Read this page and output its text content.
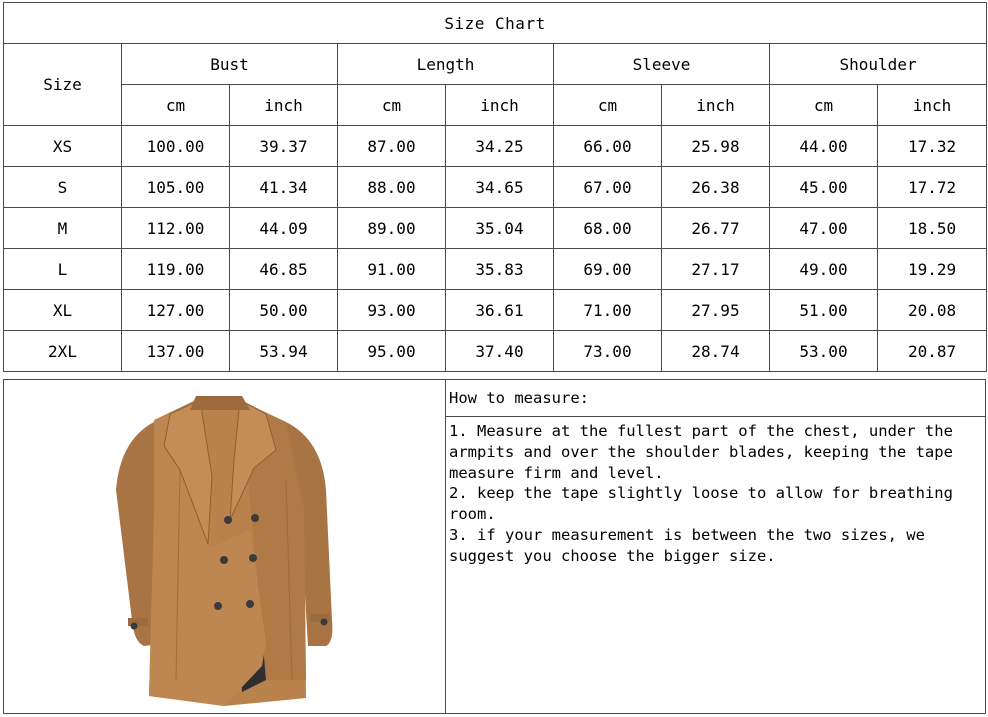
Size Chart								
Size	Bust		Length		Sleeve		Shoulder	
	cm	inch	cm	inch	cm	inch	cm	inch
XS	100.00	39.37	87.00	34.25	66.00	25.98	44.00	17.32
S	105.00	41.34	88.00	34.65	67.00	26.38	45.00	17.72
M	112.00	44.09	89.00	35.04	68.00	26.77	47.00	18.50
L	119.00	46.85	91.00	35.83	69.00	27.17	49.00	19.29
XL	127.00	50.00	93.00	36.61	71.00	27.95	51.00	20.08
2XL	137.00	53.94	95.00	37.40	73.00	28.74	53.00	20.87
How to measure:

1. Measure at the fullest part of the chest, under the armpits and over the shoulder blades, keeping the tape measure firm and level.

2. keep the tape slightly loose to allow for breathing room.

3. if your measurement is between the two sizes, we suggest you choose the bigger size.
